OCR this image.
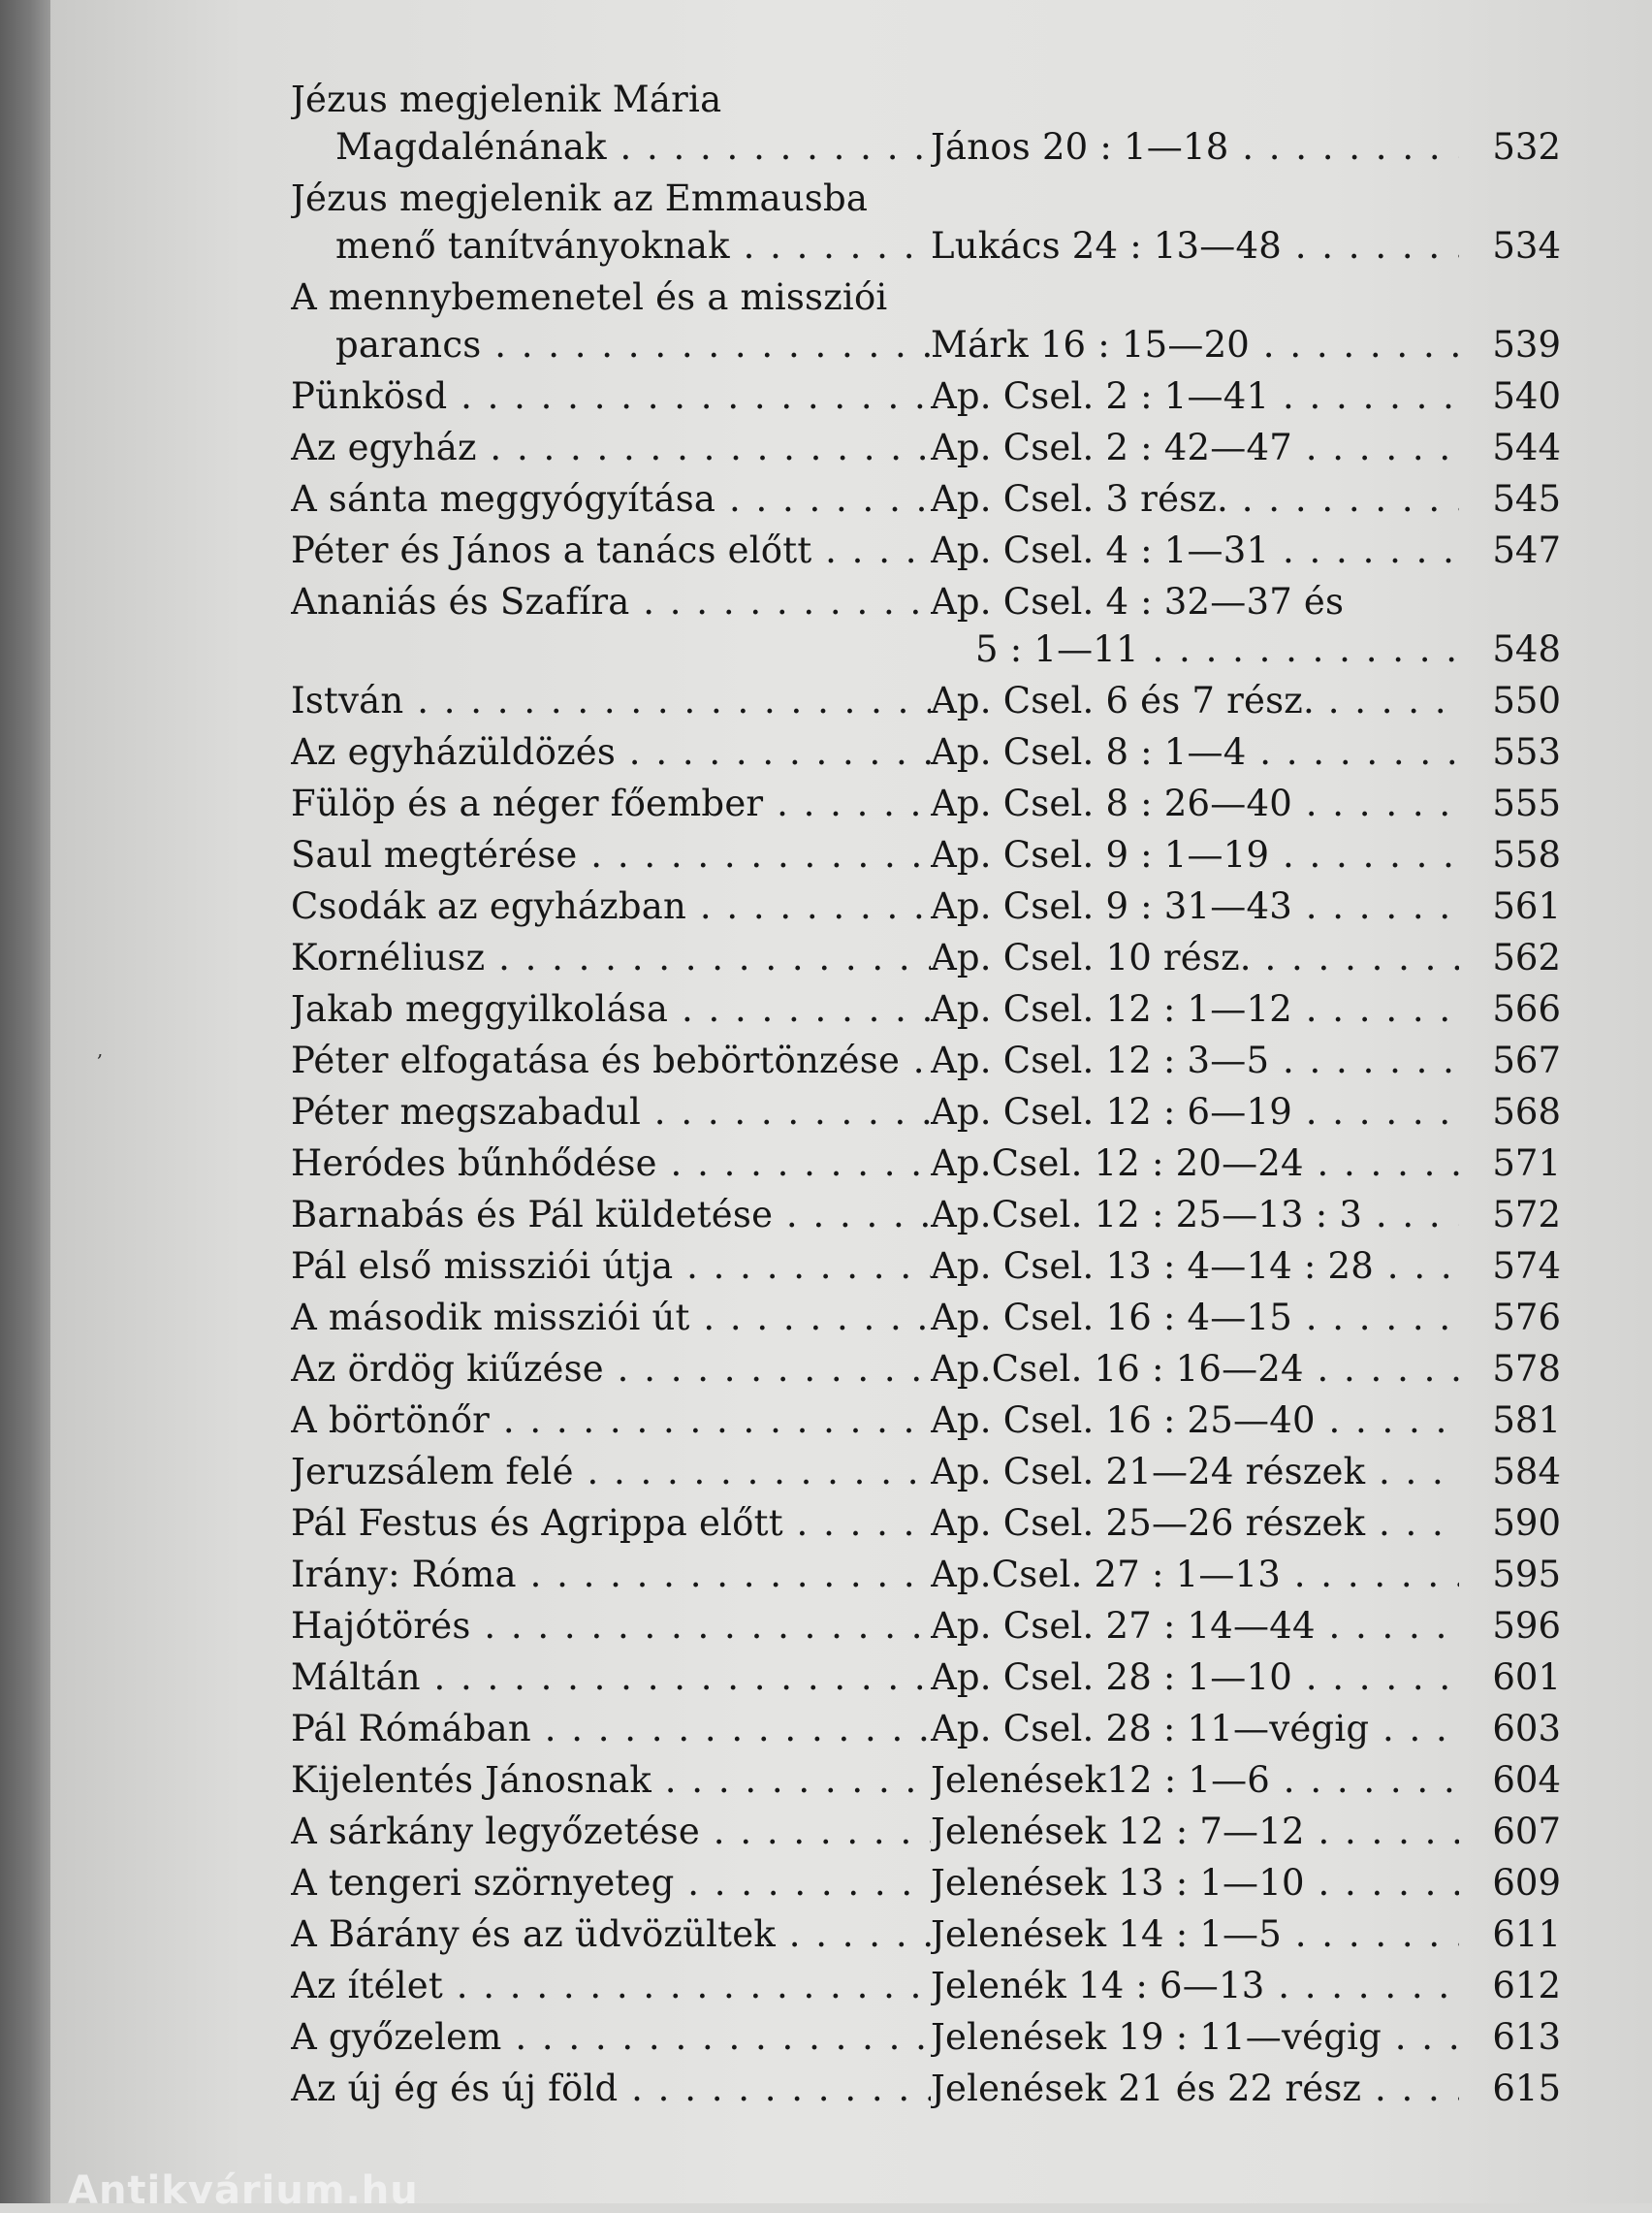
,
Jézus megjelenik Mária
Magdalénának . . .
	János 20 : 1—18 . . .	532
Jézus megjelenik az Emmausba
menő tanítványoknak . . .
	Lukács 24 : 13—48 . . .	534
A mennybemenetel és a missziói
parancs . . .
	Márk 16 : 15—20 . . .	539
Pünkösd . . .	Ap. Csel. 2 : 1—41 . . .	540
Az egyház . . .	Ap. Csel. 2 : 42—47 . . .	544
A sánta meggyógyítása . . .	Ap. Csel. 3 rész. . . .	545
Péter és János a tanács előtt . . .	Ap. Csel. 4 : 1—31 . . .	547
Ananiás és Szafíra . . .
	Ap. Csel. 4 : 32—37 és
5 : 1—11 . . .	548
István . . .	Ap. Csel. 6 és 7 rész. . . .	550
Az egyházüldözés . . .	Ap. Csel. 8 : 1—4 . . .	553
Fülöp és a néger főember . . .	Ap. Csel. 8 : 26—40 . . .	555
Saul megtérése . . .	Ap. Csel. 9 : 1—19 . . .	558
Csodák az egyházban . . .	Ap. Csel. 9 : 31—43 . . .	561
Kornéliusz . . .	Ap. Csel. 10 rész. . . .	562
Jakab meggyilkolása . . .	Ap. Csel. 12 : 1—12 . . .	566
Péter elfogatása és bebörtönzése . . . Ap. Csel. 12 : 3—5 . . .	567
Péter megszabadul . . .	Ap. Csel. 12 : 6—19 . . .	568
Heródes bűnhődése . . .	Ap.Csel. 12 : 20—24 . . .	571
Barnabás és Pál küldetése . . .	Ap.Csel. 12 : 25—13 : 3 . . .	572
Pál első missziói útja . . .	Ap. Csel. 13 : 4—14 : 28 . . .	574
A második missziói út . . .	Ap. Csel. 16 : 4—15 . . .	576
Az ördög kiűzése . . .	Ap.Csel. 16 : 16—24 . . .	578
A börtönőr . . .	Ap. Csel. 16 : 25—40 . . .	581
Jeruzsálem felé . . .	Ap. Csel. 21—24 részek . . .	584
Pál Festus és Agrippa előtt . . .	Ap. Csel. 25—26 részek . . .	590
Irány: Róma . . .	Ap.Csel. 27 : 1—13 . . .	595
Hajótörés . . .	Ap. Csel. 27 : 14—44 . . .	596
Máltán . . .	Ap. Csel. 28 : 1—10 . . .	601
Pál Rómában . . .	Ap. Csel. 28 : 11—végig . . .	603
Kijelentés Jánosnak . . .	Jelenések12 : 1—6 . . .	604
A sárkány legyőzetése . . .	Jelenések 12 : 7—12 . . .	607
A tengeri szörnyeteg . . .	Jelenések 13 : 1—10 . . .	609
A Bárány és az üdvözültek . . .	Jelenések 14 : 1—5 . . .	611
Az ítélet . . .	Jelenék 14 : 6—13 . . .	612
A győzelem . . .	Jelenések 19 : 11—végig . . .	613
Az új ég és új föld . . .	Jelenések 21 és 22 rész . . .	615
Antikvárium.hu
